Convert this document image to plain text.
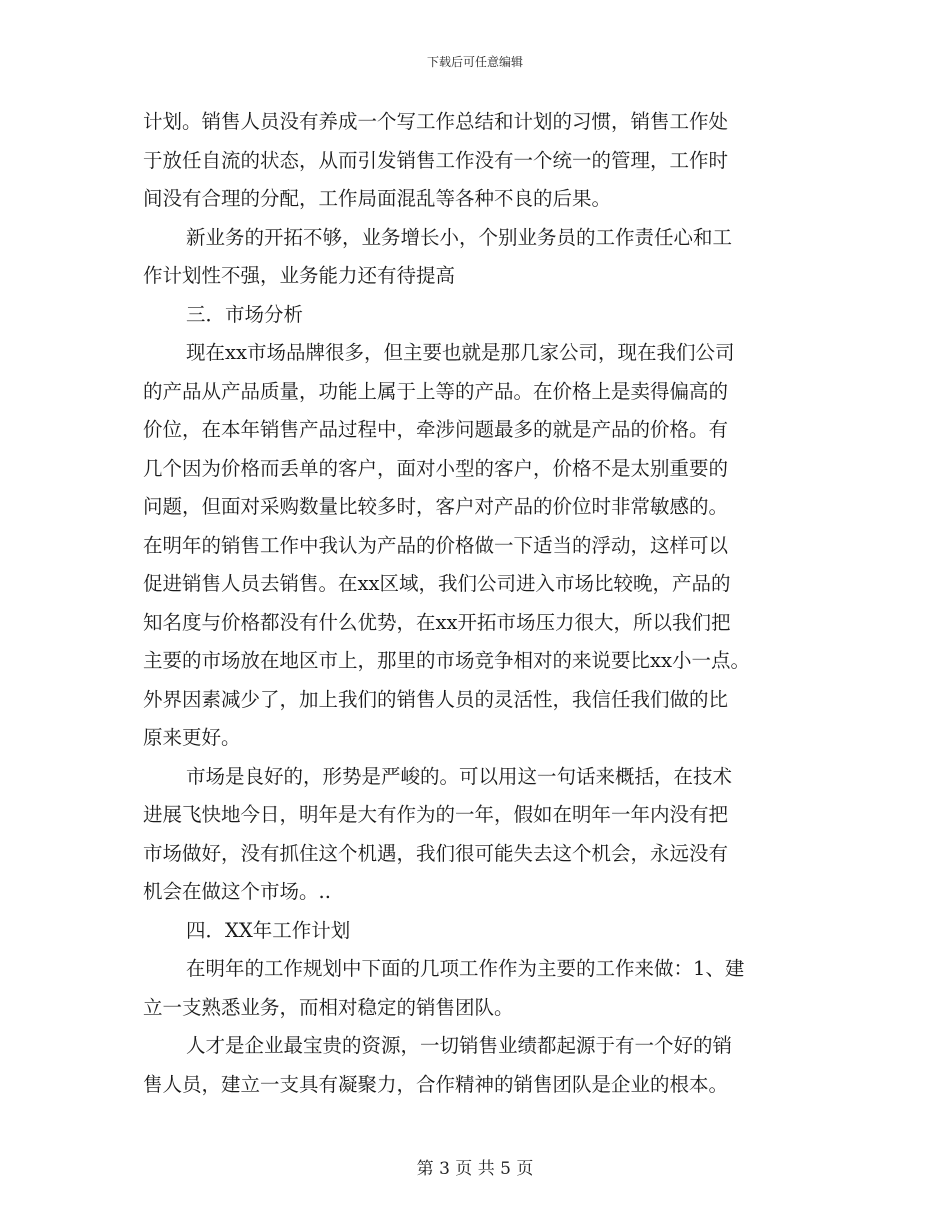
下载后可任意编辑
计划。销售人员没有养成一个写工作总结和计划的习惯，销售工作处
于放任自流的状态，从而引发销售工作没有一个统一的管理，工作时
间没有合理的分配，工作局面混乱等各种不良的后果。
新业务的开拓不够，业务增长小，个别业务员的工作责任心和工
作计划性不强，业务能力还有待提高
三．市场分析
现在xx市场品牌很多，但主要也就是那几家公司，现在我们公司
的产品从产品质量，功能上属于上等的产品。在价格上是卖得偏高的
价位，在本年销售产品过程中，牵涉问题最多的就是产品的价格。有
几个因为价格而丢单的客户，面对小型的客户，价格不是太别重要的
问题，但面对采购数量比较多时，客户对产品的价位时非常敏感的。
在明年的销售工作中我认为产品的价格做一下适当的浮动，这样可以
促进销售人员去销售。在xx区域，我们公司进入市场比较晚，产品的
知名度与价格都没有什么优势，在xx开拓市场压力很大，所以我们把
主要的市场放在地区市上，那里的市场竞争相对的来说要比xx小一点。
外界因素减少了，加上我们的销售人员的灵活性，我信任我们做的比
原来更好。
市场是良好的，形势是严峻的。可以用这一句话来概括，在技术
进展飞快地今日，明年是大有作为的一年，假如在明年一年内没有把
市场做好，没有抓住这个机遇，我们很可能失去这个机会，永远没有
机会在做这个市场。..
四．XX年工作计划
在明年的工作规划中下面的几项工作作为主要的工作来做：1、建
立一支熟悉业务，而相对稳定的销售团队。
人才是企业最宝贵的资源，一切销售业绩都起源于有一个好的销
售人员，建立一支具有凝聚力，合作精神的销售团队是企业的根本。
第 3 页 共 5 页
